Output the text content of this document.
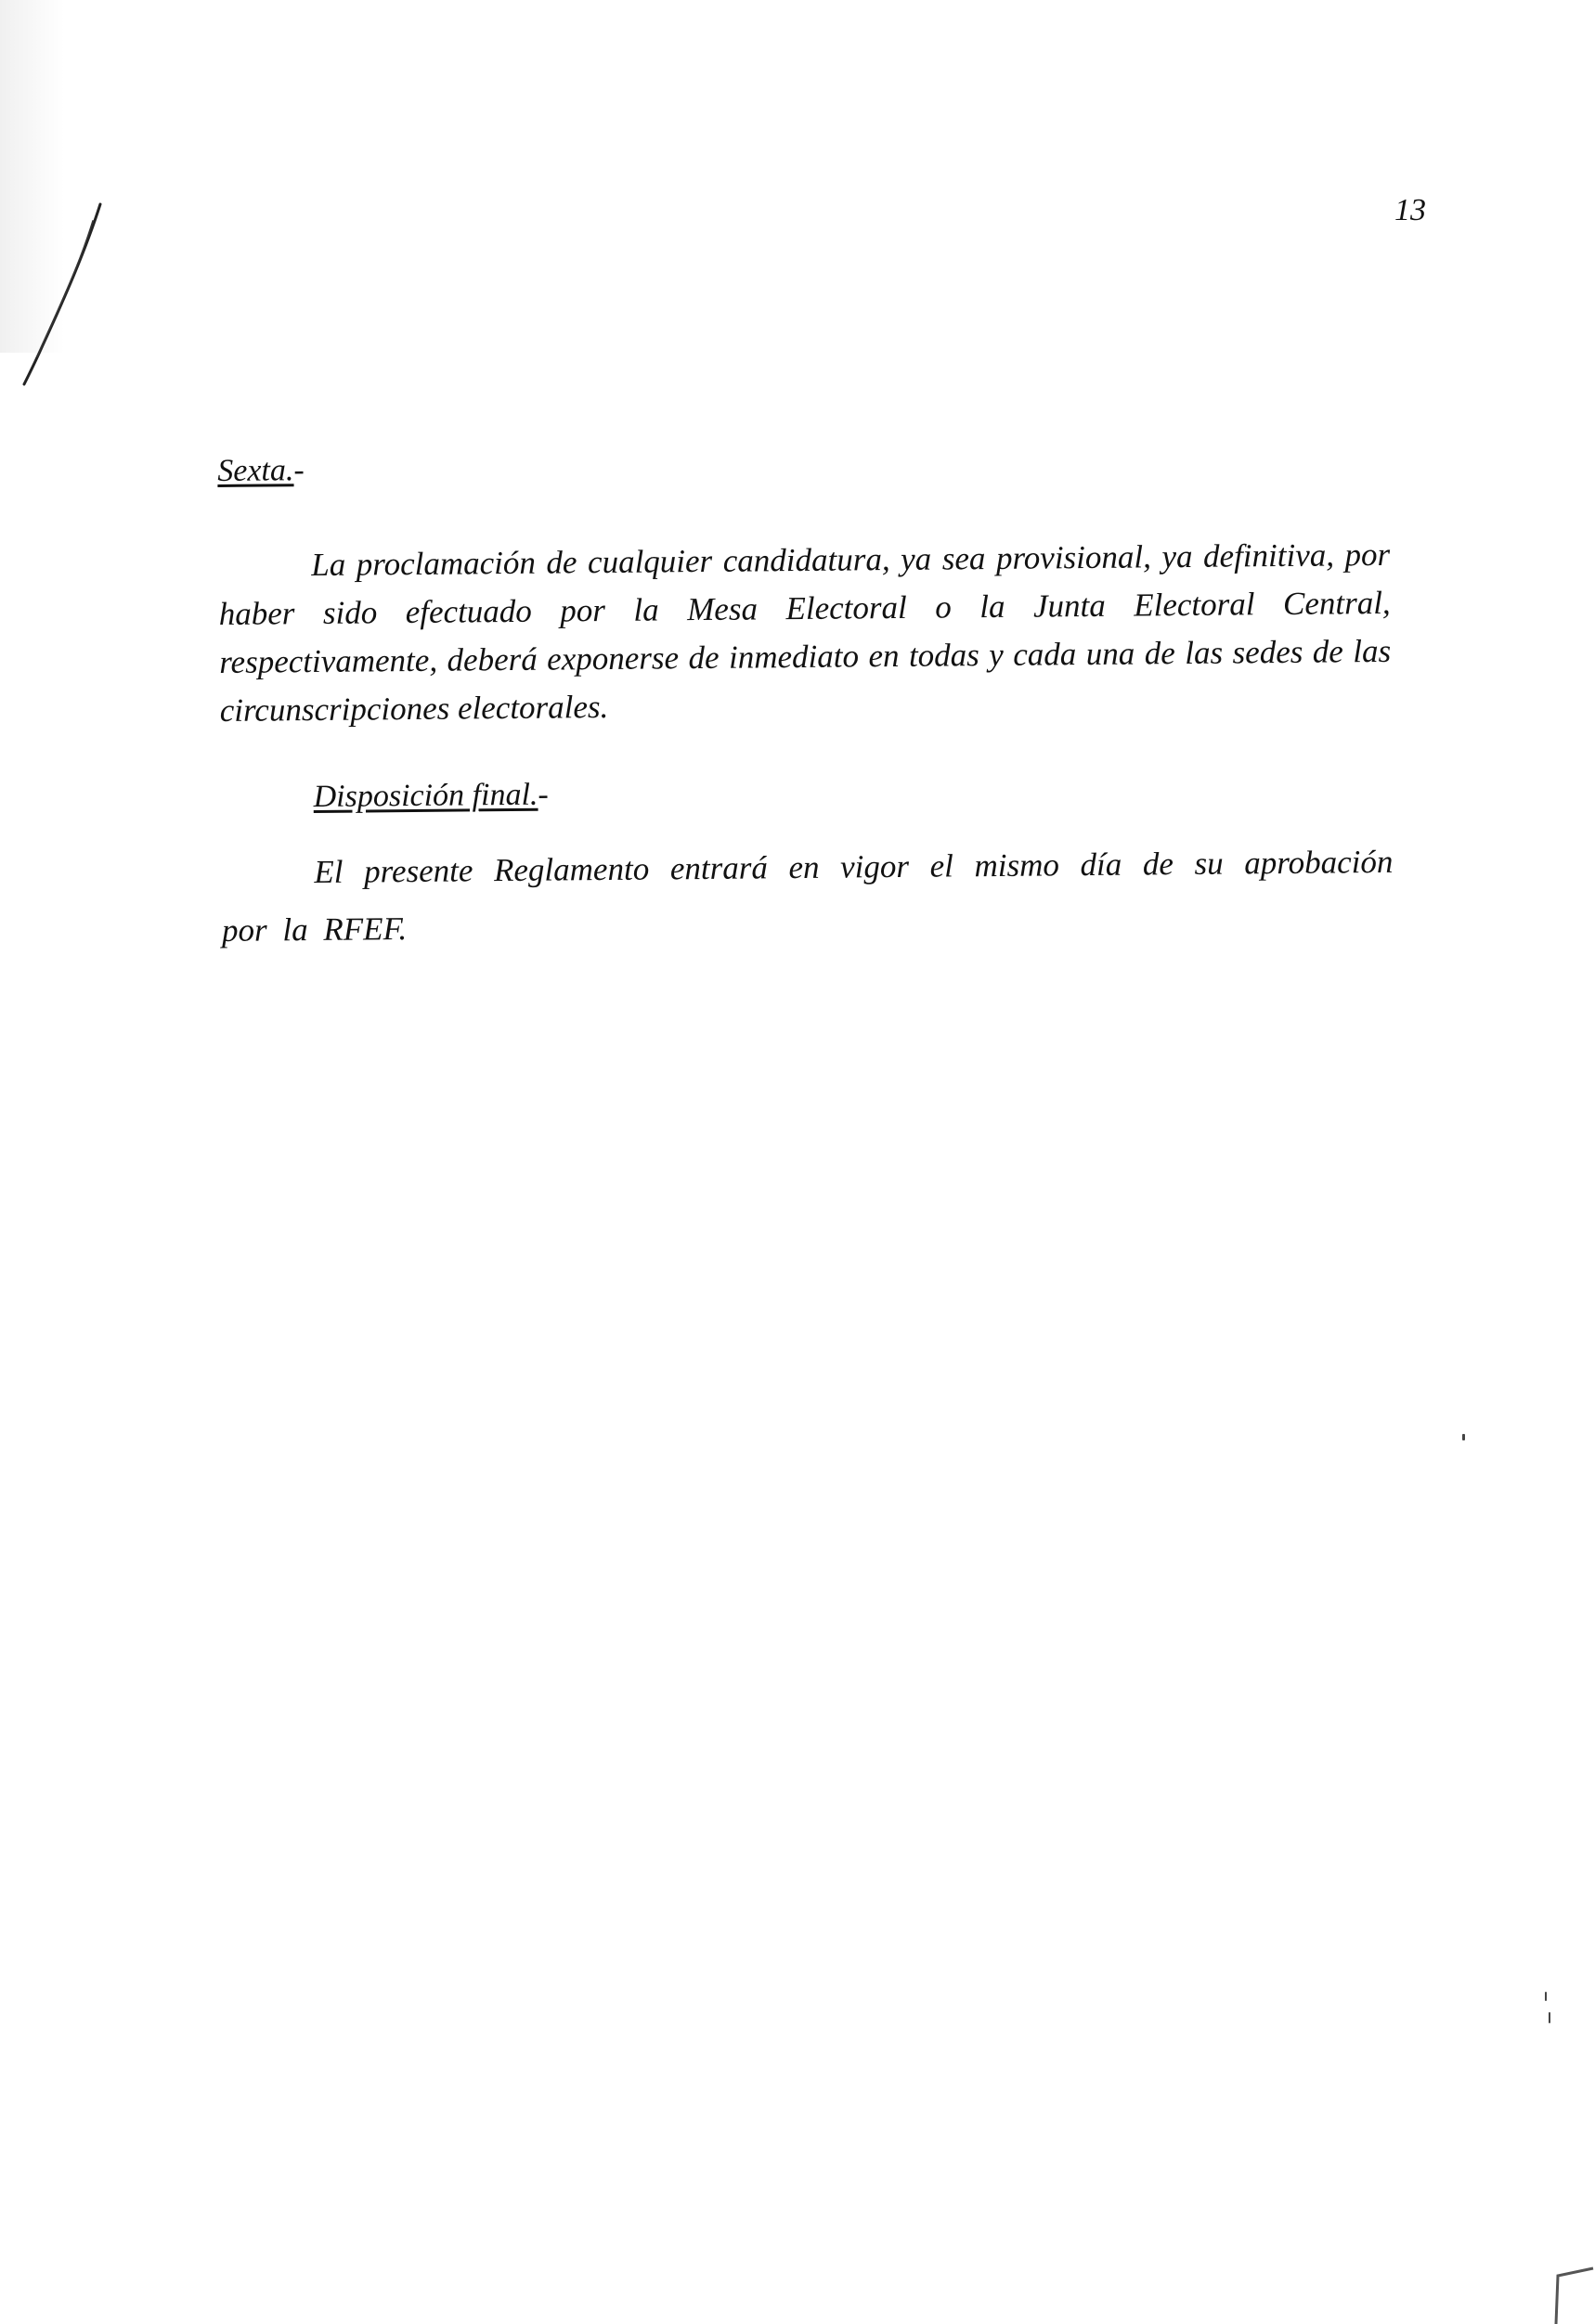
13
Sexta.-

La proclamación de cualquier candidatura, ya sea provisional, ya definitiva, por haber sido efectuado por la Mesa Electoral o la Junta Electoral Central, respectivamente, deberá exponerse de inmediato en todas y cada una de las sedes de las circunscripciones electorales.

Disposición final.-

El presente Reglamento entrará en vigor el mismo día de su aprobación por la RFEF.
